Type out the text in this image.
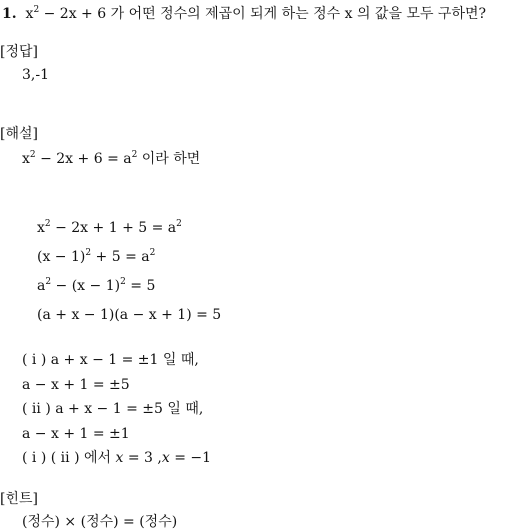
1. $x^2 - 2x + 6$ 가 어떤 정수의 제곱이 되게 하는 정수 x 의 값을 모두 구하면?
[정답]
3,-1
[해설]
$x^2 - 2x + 6 = a^2$ 이라 하면
$x^2 - 2x + 1 + 5 = a^2$
$(x - 1)^2 + 5 = a^2$
$a^2 - (x - 1)^2 = 5$
(a + x − 1)(a − x + 1) = 5
( ⅰ ) a + x − 1 = ±1 일 때,
a − x + 1 = ±5
( ⅱ ) a + x − 1 = ±5 일 때,
a − x + 1 = ±1
( ⅰ ) ( ⅱ ) 에서 x = 3 ,x = −1
[힌트]
(정수) × (정수) = (정수)
